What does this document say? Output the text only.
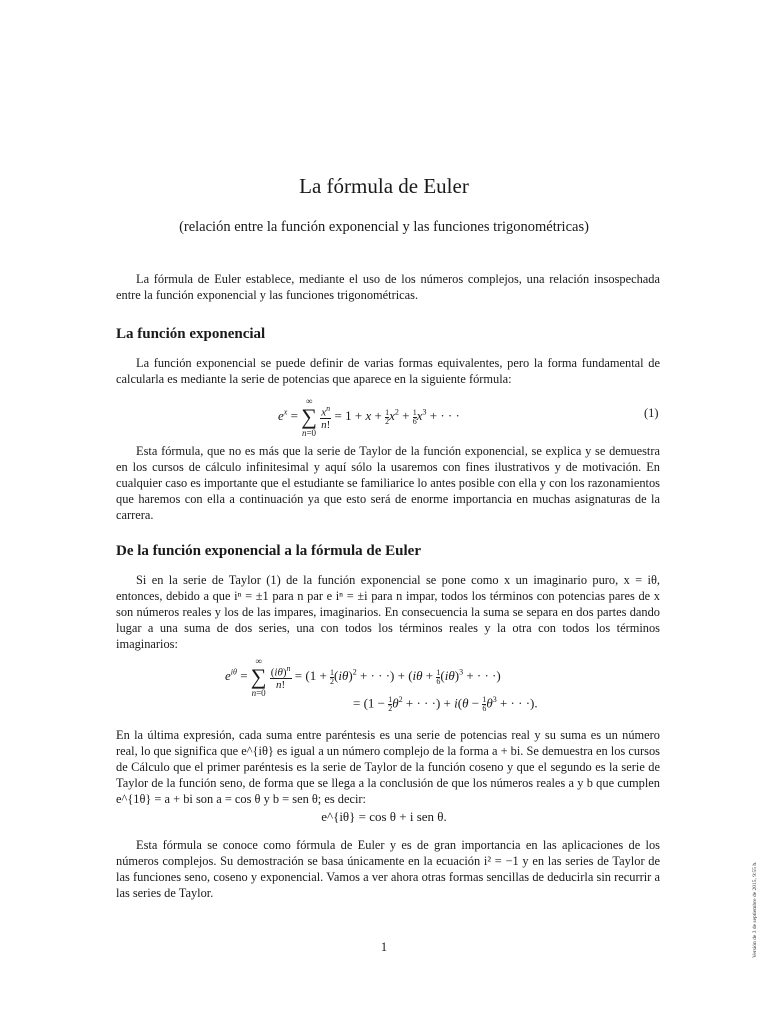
La fórmula de Euler
(relación entre la función exponencial y las funciones trigonométricas)

La fórmula de Euler establece, mediante el uso de los números complejos, una relación insospechada entre la función exponencial y las funciones trigonométricas.

La función exponencial

La función exponencial se puede definir de varias formas equivalentes, pero la forma fundamental de calcularla es mediante la serie de potencias que aparece en la siguiente fórmula:

$e^x$ =
∞
∑
n=0

$\frac{x^n}{n!} = 1 + x + \frac{1}{2}x^2 + \frac{1}{6}x^3$ + · · ·	(1)

Esta fórmula, que no es más que la serie de Taylor de la función exponencial, se explica y se demuestra en los cursos de cálculo infinitesimal y aquí sólo la usaremos con fines ilustrativos y de motivación. En cualquier caso es importante que el estudiante se familiarice lo antes posible con ella y con los razonamientos que haremos con ella a continuación ya que esto será de enorme importancia en muchas asignaturas de la carrera.

De la función exponencial a la fórmula de Euler

Si en la serie de Taylor (1) de la función exponencial se pone como x un imaginario puro, x = iθ, entonces, debido a que iⁿ = ±1 para n par e iⁿ = ±i para n impar, todos los términos con potencias pares de x son números reales y los de las impares, imaginarios. En consecuencia la suma se separa en dos partes dando lugar a una suma de dos series, una con todos los términos reales y la otra con todos los términos imaginarios:

$e^{i\theta}$ =
∞
∑
n=0

$\frac{(i\theta)^n}{n!} = (1 + \frac{1}{2}(i\theta)^2$ + · · ·) + ($i\theta + \frac{1}{6}(i\theta)^3$ + · · ·)
= ($1 - \frac{1}{2}\theta^2$ + · · ·) + $i(\theta - \frac{1}{6}\theta^3$ + · · ·).

En la última expresión, cada suma entre paréntesis es una serie de potencias real y su suma es un número real, lo que significa que e^{iθ} es igual a un número complejo de la forma a + bi. Se demuestra en los cursos de Cálculo que el primer paréntesis es la serie de Taylor de la función coseno y que el segundo es la serie de Taylor de la función seno, de forma que se llega a la conclusión de que los números reales a y b que cumplen e^{1θ} = a + bi son a = cos θ y b = sen θ; es decir:

e^{iθ} = cos θ + i sen θ.

Esta fórmula se conoce como fórmula de Euler y es de gran importancia en las aplicaciones de los números complejos. Su demostración se basa únicamente en la ecuación i² = −1 y en las series de Taylor de las funciones seno, coseno y exponencial. Vamos a ver ahora otras formas sencillas de deducirla sin recurrir a las series de Taylor.

1	Versión de 3 de septiembre de 2015, 9:55 h.
